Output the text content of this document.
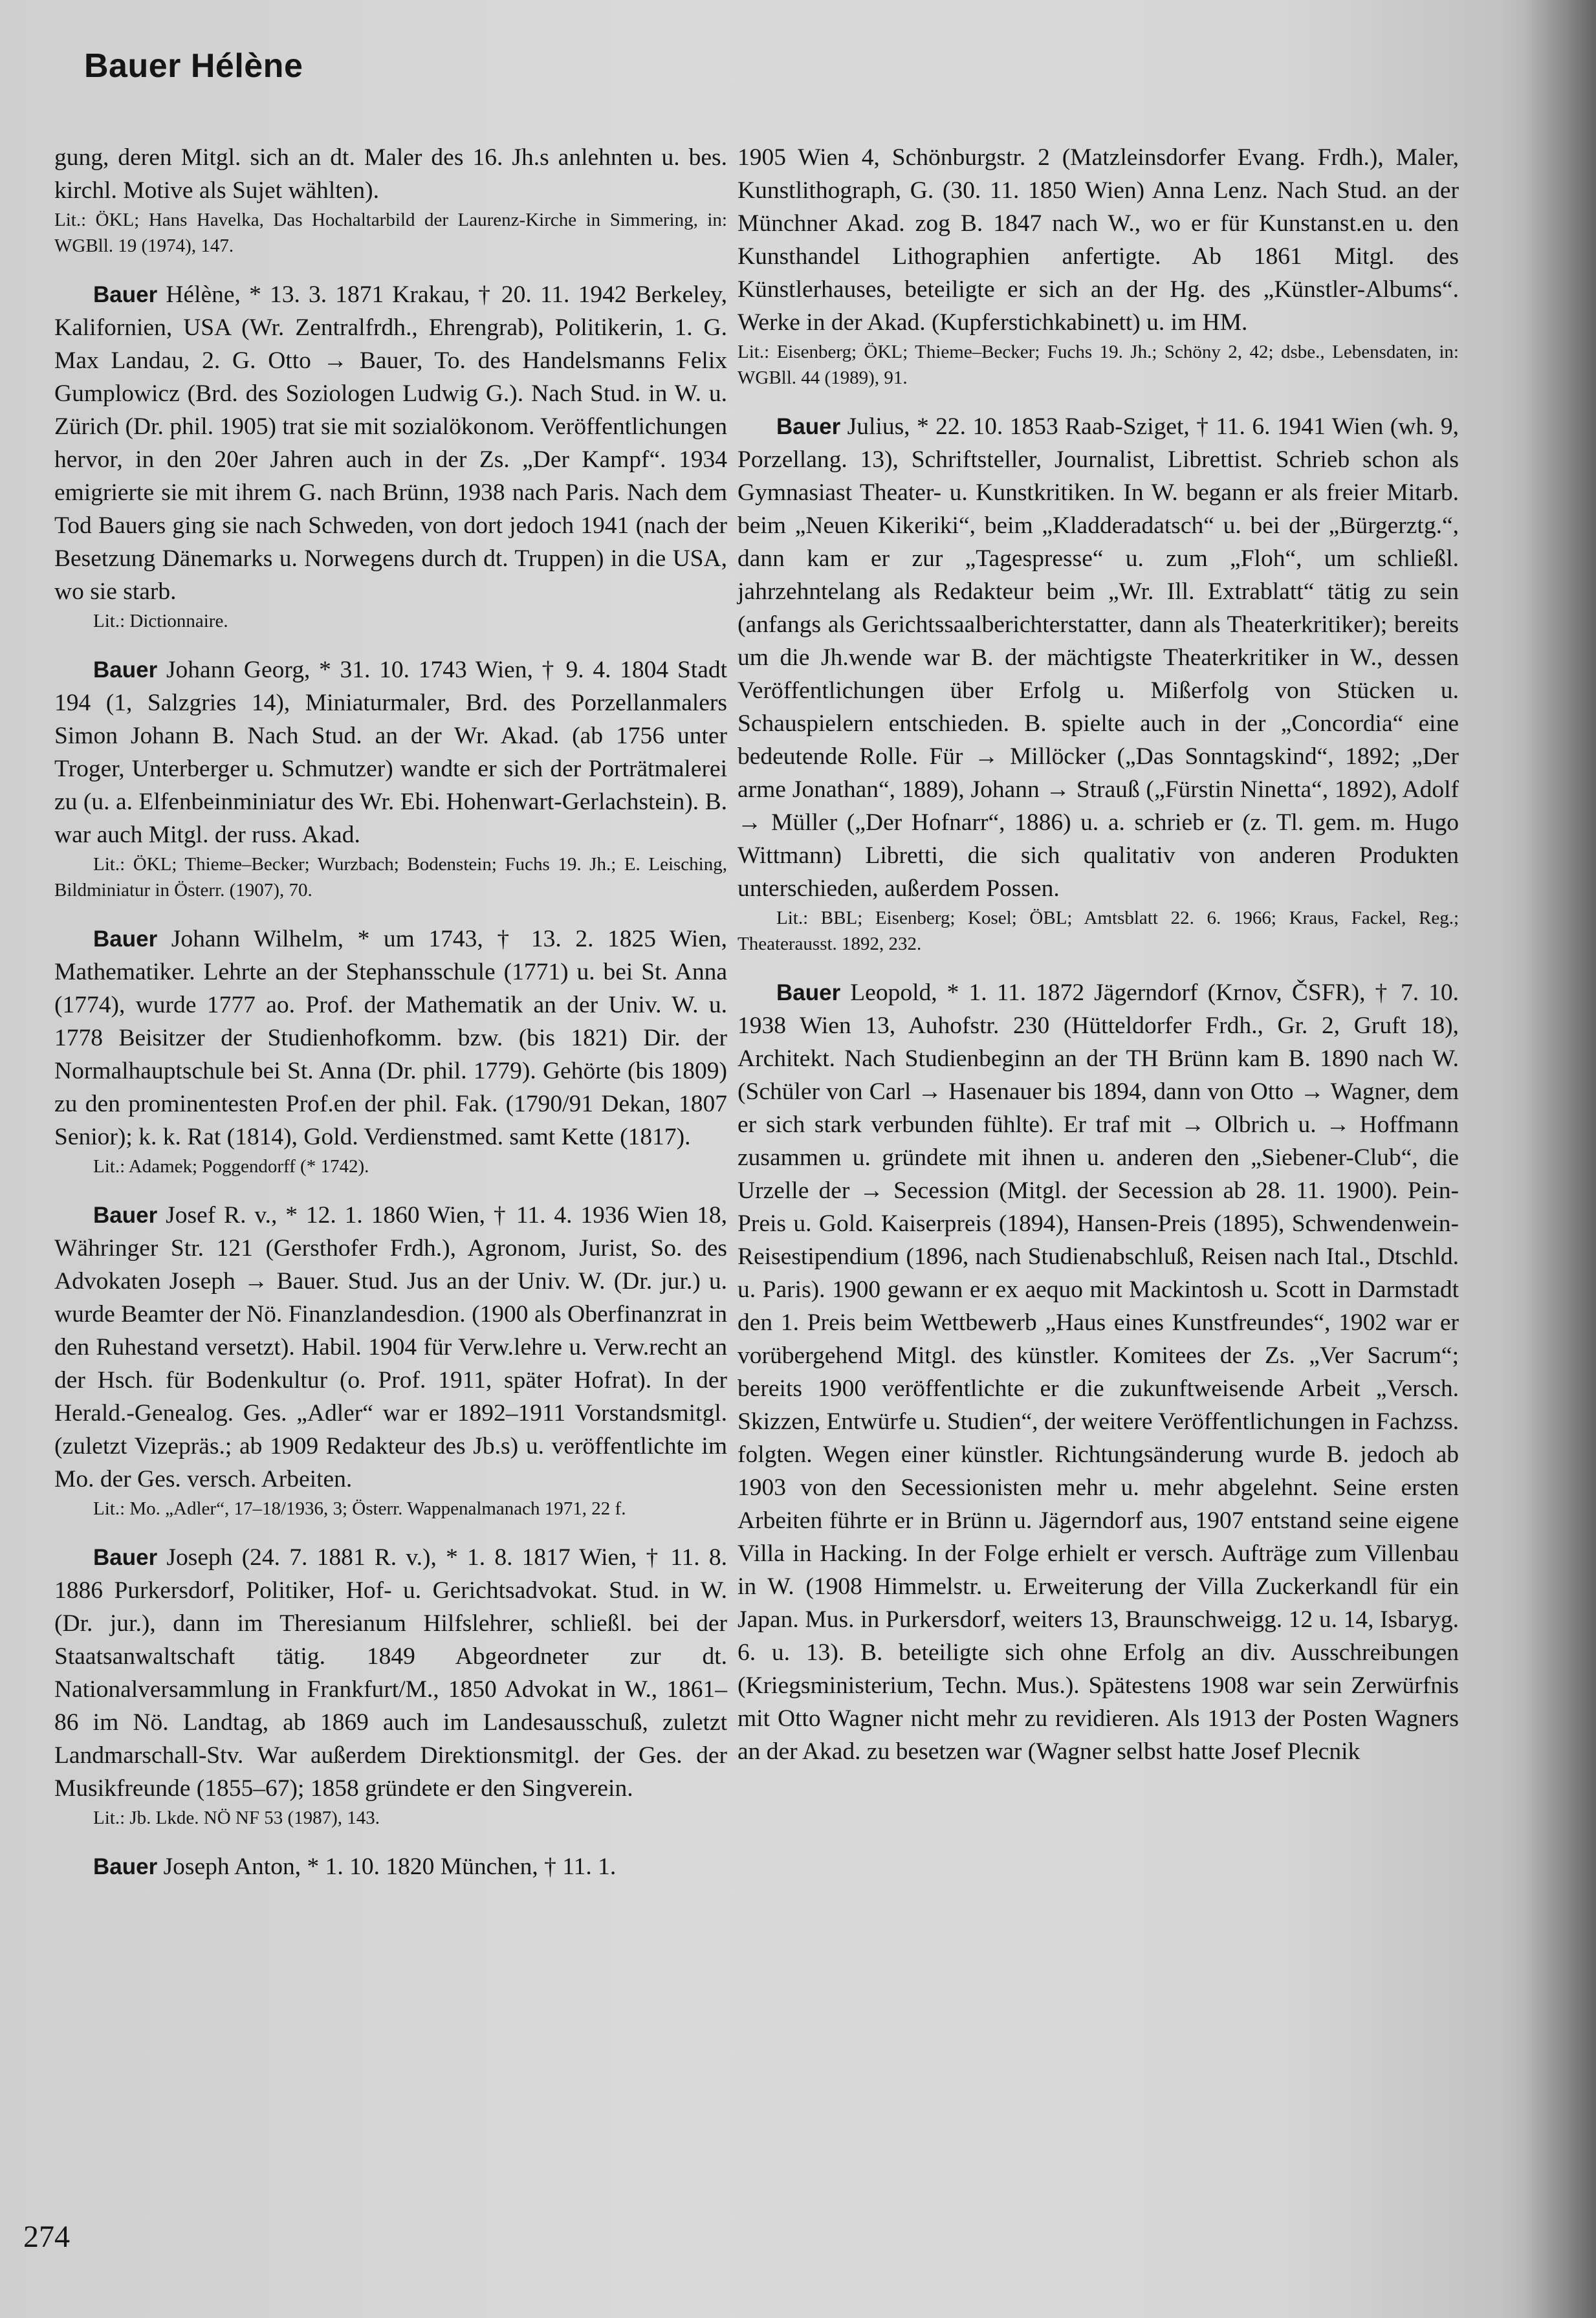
Bauer Hélène

gung, deren Mitgl. sich an dt. Maler des 16. Jh.s anlehnten u. bes. kirchl. Motive als Sujet wählten).

Lit.: ÖKL; Hans Havelka, Das Hochaltarbild der Laurenz-Kirche in Simmering, in: WGBll. 19 (1974), 147.

Bauer Hélène, * 13. 3. 1871 Krakau, † 20. 11. 1942 Berkeley, Kalifornien, USA (Wr. Zentralfrdh., Ehrengrab), Politikerin, 1. G. Max Landau, 2. G. Otto → Bauer, To. des Handelsmanns Felix Gumplowicz (Brd. des Soziologen Ludwig G.). Nach Stud. in W. u. Zürich (Dr. phil. 1905) trat sie mit sozialökonom. Veröffentlichungen hervor, in den 20er Jahren auch in der Zs. „Der Kampf“. 1934 emigrierte sie mit ihrem G. nach Brünn, 1938 nach Paris. Nach dem Tod Bauers ging sie nach Schweden, von dort jedoch 1941 (nach der Besetzung Dänemarks u. Norwegens durch dt. Truppen) in die USA, wo sie starb.

Lit.: Dictionnaire.

Bauer Johann Georg, * 31. 10. 1743 Wien, † 9. 4. 1804 Stadt 194 (1, Salzgries 14), Miniaturmaler, Brd. des Porzellanmalers Simon Johann B. Nach Stud. an der Wr. Akad. (ab 1756 unter Troger, Unterberger u. Schmutzer) wandte er sich der Porträtmalerei zu (u. a. Elfenbeinminiatur des Wr. Ebi. Hohenwart-Gerlachstein). B. war auch Mitgl. der russ. Akad.

Lit.: ÖKL; Thieme–Becker; Wurzbach; Bodenstein; Fuchs 19. Jh.; E. Leisching, Bildminiatur in Österr. (1907), 70.

Bauer Johann Wilhelm, * um 1743, † 13. 2. 1825 Wien, Mathematiker. Lehrte an der Stephansschule (1771) u. bei St. Anna (1774), wurde 1777 ao. Prof. der Mathematik an der Univ. W. u. 1778 Beisitzer der Studienhofkomm. bzw. (bis 1821) Dir. der Normalhauptschule bei St. Anna (Dr. phil. 1779). Gehörte (bis 1809) zu den prominentesten Prof.en der phil. Fak. (1790/91 Dekan, 1807 Senior); k. k. Rat (1814), Gold. Verdienstmed. samt Kette (1817).

Lit.: Adamek; Poggendorff (* 1742).

Bauer Josef R. v., * 12. 1. 1860 Wien, † 11. 4. 1936 Wien 18, Währinger Str. 121 (Gersthofer Frdh.), Agronom, Jurist, So. des Advokaten Joseph → Bauer. Stud. Jus an der Univ. W. (Dr. jur.) u. wurde Beamter der Nö. Finanzlandesdion. (1900 als Oberfinanzrat in den Ruhestand versetzt). Habil. 1904 für Verw.lehre u. Verw.recht an der Hsch. für Bodenkultur (o. Prof. 1911, später Hofrat). In der Herald.-Genealog. Ges. „Adler“ war er 1892–1911 Vorstandsmitgl. (zuletzt Vizepräs.; ab 1909 Redakteur des Jb.s) u. veröffentlichte im Mo. der Ges. versch. Arbeiten.

Lit.: Mo. „Adler“, 17–18/1936, 3; Österr. Wappenalmanach 1971, 22 f.

Bauer Joseph (24. 7. 1881 R. v.), * 1. 8. 1817 Wien, † 11. 8. 1886 Purkersdorf, Politiker, Hof- u. Gerichtsadvokat. Stud. in W. (Dr. jur.), dann im Theresianum Hilfslehrer, schließl. bei der Staatsanwaltschaft tätig. 1849 Abgeordneter zur dt. Nationalversammlung in Frankfurt/M., 1850 Advokat in W., 1861–86 im Nö. Landtag, ab 1869 auch im Landesausschuß, zuletzt Landmarschall-Stv. War außerdem Direktionsmitgl. der Ges. der Musikfreunde (1855–67); 1858 gründete er den Singverein.

Lit.: Jb. Lkde. NÖ NF 53 (1987), 143.

Bauer Joseph Anton, * 1. 10. 1820 München, † 11. 1.

1905 Wien 4, Schönburgstr. 2 (Matzleinsdorfer Evang. Frdh.), Maler, Kunstlithograph, G. (30. 11. 1850 Wien) Anna Lenz. Nach Stud. an der Münchner Akad. zog B. 1847 nach W., wo er für Kunstanst.en u. den Kunsthandel Lithographien anfertigte. Ab 1861 Mitgl. des Künstlerhauses, beteiligte er sich an der Hg. des „Künstler-Albums“. Werke in der Akad. (Kupferstichkabinett) u. im HM.

Lit.: Eisenberg; ÖKL; Thieme–Becker; Fuchs 19. Jh.; Schöny 2, 42; dsbe., Lebensdaten, in: WGBll. 44 (1989), 91.

Bauer Julius, * 22. 10. 1853 Raab-Sziget, † 11. 6. 1941 Wien (wh. 9, Porzellang. 13), Schriftsteller, Journalist, Librettist. Schrieb schon als Gymnasiast Theater- u. Kunstkritiken. In W. begann er als freier Mitarb. beim „Neuen Kikeriki“, beim „Kladderadatsch“ u. bei der „Bürgerztg.“, dann kam er zur „Tagespresse“ u. zum „Floh“, um schließl. jahrzehntelang als Redakteur beim „Wr. Ill. Extrablatt“ tätig zu sein (anfangs als Gerichtssaalberichterstatter, dann als Theaterkritiker); bereits um die Jh.wende war B. der mächtigste Theaterkritiker in W., dessen Veröffentlichungen über Erfolg u. Mißerfolg von Stücken u. Schauspielern entschieden. B. spielte auch in der „Concordia“ eine bedeutende Rolle. Für → Millöcker („Das Sonntagskind“, 1892; „Der arme Jonathan“, 1889), Johann → Strauß („Fürstin Ninetta“, 1892), Adolf → Müller („Der Hofnarr“, 1886) u. a. schrieb er (z. Tl. gem. m. Hugo Wittmann) Libretti, die sich qualitativ von anderen Produkten unterschieden, außerdem Possen.

Lit.: BBL; Eisenberg; Kosel; ÖBL; Amtsblatt 22. 6. 1966; Kraus, Fackel, Reg.; Theaterausst. 1892, 232.

Bauer Leopold, * 1. 11. 1872 Jägerndorf (Krnov, ČSFR), † 7. 10. 1938 Wien 13, Auhofstr. 230 (Hütteldorfer Frdh., Gr. 2, Gruft 18), Architekt. Nach Studienbeginn an der TH Brünn kam B. 1890 nach W. (Schüler von Carl → Hasenauer bis 1894, dann von Otto → Wagner, dem er sich stark verbunden fühlte). Er traf mit → Olbrich u. → Hoffmann zusammen u. gründete mit ihnen u. anderen den „Siebener-Club“, die Urzelle der → Secession (Mitgl. der Secession ab 28. 11. 1900). Pein-Preis u. Gold. Kaiserpreis (1894), Hansen-Preis (1895), Schwendenwein-Reisestipendium (1896, nach Studienabschluß, Reisen nach Ital., Dtschld. u. Paris). 1900 gewann er ex aequo mit Mackintosh u. Scott in Darmstadt den 1. Preis beim Wettbewerb „Haus eines Kunstfreundes“, 1902 war er vorübergehend Mitgl. des künstler. Komitees der Zs. „Ver Sacrum“; bereits 1900 veröffentlichte er die zukunftweisende Arbeit „Versch. Skizzen, Entwürfe u. Studien“, der weitere Veröffentlichungen in Fachzss. folgten. Wegen einer künstler. Richtungsänderung wurde B. jedoch ab 1903 von den Secessionisten mehr u. mehr abgelehnt. Seine ersten Arbeiten führte er in Brünn u. Jägerndorf aus, 1907 entstand seine eigene Villa in Hacking. In der Folge erhielt er versch. Aufträge zum Villenbau in W. (1908 Himmelstr. u. Erweiterung der Villa Zuckerkandl für ein Japan. Mus. in Purkersdorf, weiters 13, Braunschweigg. 12 u. 14, Isbaryg. 6. u. 13). B. beteiligte sich ohne Erfolg an div. Ausschreibungen (Kriegsministerium, Techn. Mus.). Spätestens 1908 war sein Zerwürfnis mit Otto Wagner nicht mehr zu revidieren. Als 1913 der Posten Wagners an der Akad. zu besetzen war (Wagner selbst hatte Josef Plecnik

274
